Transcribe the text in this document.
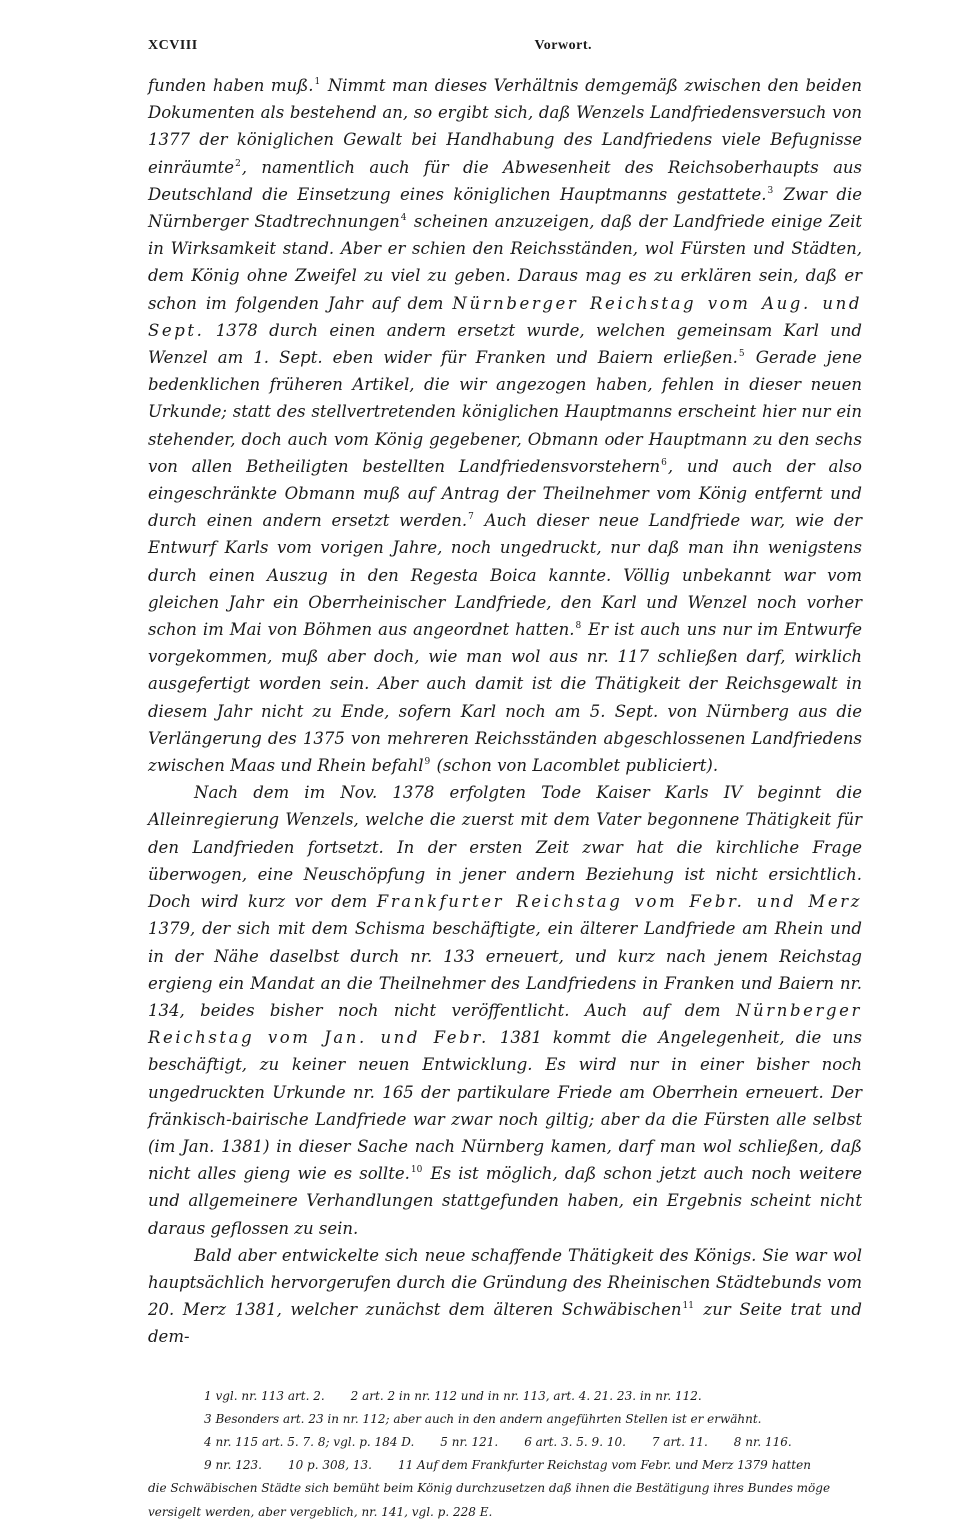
XCVIII	Vorwort.

funden haben muß.$^1$ Nimmt man dieses Verhältnis demgemäß zwischen den beiden Dokumenten als bestehend an, so ergibt sich, daß Wenzels Landfriedensversuch von 1377 der königlichen Gewalt bei Handhabung des Landfriedens viele Befugnisse einräumte$^2$, namentlich auch für die Abwesenheit des Reichsoberhaupts aus Deutschland die Einsetzung eines königlichen Hauptmanns gestattete.$^3$ Zwar die Nürnberger Stadtrechnungen$^4$ scheinen anzuzeigen, daß der Landfriede einige Zeit in Wirksamkeit stand. Aber er schien den Reichsständen, wol Fürsten und Städten, dem König ohne Zweifel zu viel zu geben. Daraus mag es zu erklären sein, daß er schon im folgenden Jahr auf dem Nürnberger Reichstag vom Aug. und Sept. 1378 durch einen andern ersetzt wurde, welchen gemeinsam Karl und Wenzel am 1. Sept. eben wider für Franken und Baiern erließen.$^5$ Gerade jene bedenklichen früheren Artikel, die wir angezogen haben, fehlen in dieser neuen Urkunde; statt des stellvertretenden königlichen Hauptmanns erscheint hier nur ein stehender, doch auch vom König gegebener, Obmann oder Hauptmann zu den sechs von allen Betheiligten bestellten Landfriedensvorstehern$^6$, und auch der also eingeschränkte Obmann muß auf Antrag der Theilnehmer vom König entfernt und durch einen andern ersetzt werden.$^7$ Auch dieser neue Landfriede war, wie der Entwurf Karls vom vorigen Jahre, noch ungedruckt, nur daß man ihn wenigstens durch einen Auszug in den Regesta Boica kannte. Völlig unbekannt war vom gleichen Jahr ein Oberrheinischer Landfriede, den Karl und Wenzel noch vorher schon im Mai von Böhmen aus angeordnet hatten.$^8$ Er ist auch uns nur im Entwurfe vorgekommen, muß aber doch, wie man wol aus nr. 117 schließen darf, wirklich ausgefertigt worden sein. Aber auch damit ist die Thätigkeit der Reichsgewalt in diesem Jahr nicht zu Ende, sofern Karl noch am 5. Sept. von Nürnberg aus die Verlängerung des 1375 von mehreren Reichsständen abgeschlossenen Landfriedens zwischen Maas und Rhein befahl$^9$ (schon von Lacomblet publiciert).

Nach dem im Nov. 1378 erfolgten Tode Kaiser Karls IV beginnt die Alleinregierung Wenzels, welche die zuerst mit dem Vater begonnene Thätigkeit für den Landfrieden fortsetzt. In der ersten Zeit zwar hat die kirchliche Frage überwogen, eine Neuschöpfung in jener andern Beziehung ist nicht ersichtlich. Doch wird kurz vor dem Frankfurter Reichstag vom Febr. und Merz 1379, der sich mit dem Schisma beschäftigte, ein älterer Landfriede am Rhein und in der Nähe daselbst durch nr. 133 erneuert, und kurz nach jenem Reichstag ergieng ein Mandat an die Theilnehmer des Landfriedens in Franken und Baiern nr. 134, beides bisher noch nicht veröffentlicht. Auch auf dem Nürnberger Reichstag vom Jan. und Febr. 1381 kommt die Angelegenheit, die uns beschäftigt, zu keiner neuen Entwicklung. Es wird nur in einer bisher noch ungedruckten Urkunde nr. 165 der partikulare Friede am Oberrhein erneuert. Der fränkisch-bairische Landfriede war zwar noch giltig; aber da die Fürsten alle selbst (im Jan. 1381) in dieser Sache nach Nürnberg kamen, darf man wol schließen, daß nicht alles gieng wie es sollte.$^{10}$ Es ist möglich, daß schon jetzt auch noch weitere und allgemeinere Verhandlungen stattgefunden haben, ein Ergebnis scheint nicht daraus geflossen zu sein.

Bald aber entwickelte sich neue schaffende Thätigkeit des Königs. Sie war wol hauptsächlich hervorgerufen durch die Gründung des Rheinischen Städtebunds vom 20. Merz 1381, welcher zunächst dem älteren Schwäbischen$^{11}$ zur Seite trat und dem-

1 vgl. nr. 113 art. 2. 2 art. 2 in nr. 112 und in nr. 113, art. 4. 21. 23. in nr. 112.
3 Besonders art. 23 in nr. 112; aber auch in den andern angeführten Stellen ist er erwähnt.
4 nr. 115 art. 5. 7. 8; vgl. p. 184 D. 5 nr. 121. 6 art. 3. 5. 9. 10. 7 art. 11. 8 nr. 116.
9 nr. 123. 10 p. 308, 13. 11 Auf dem Frankfurter Reichstag vom Febr. und Merz 1379 hatten
die Schwäbischen Städte sich bemüht beim König durchzusetzen daß ihnen die Bestätigung ihres Bundes möge
versigelt werden, aber vergeblich, nr. 141, vgl. p. 228 E.
